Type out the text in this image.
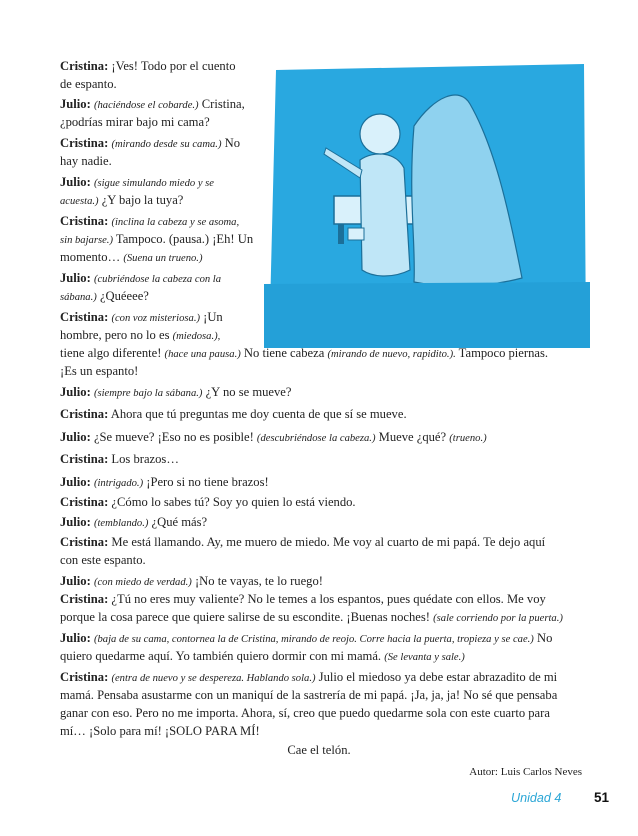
Cristina: ¡Ves! Todo por el cuento
de espanto.
Julio: (haciéndose el cobarde.) Cristina,
¿podrías mirar bajo mi cama?
Cristina: (mirando desde su cama.) No
hay nadie.
Julio: (sigue simulando miedo y se
acuesta.) ¿Y bajo la tuya?
Cristina: (inclina la cabeza y se asoma,
sin bajarse.) Tampoco. (pausa.) ¡Eh! Un
momento… (Suena un trueno.)
Julio: (cubriéndose la cabeza con la
sábana.) ¿Quéeee?
Cristina: (con voz misteriosa.) ¡Un
hombre, pero no lo es (miedosa.),
tiene algo diferente! (hace una pausa.) No tiene cabeza (mirando de nuevo, rapidito.). Tampoco piernas.
¡Es un espanto!
Julio: (siempre bajo la sábana.) ¿Y no se mueve?
Cristina: Ahora que tú preguntas me doy cuenta de que sí se mueve.
Julio: ¿Se mueve? ¡Eso no es posible! (descubriéndose la cabeza.) Mueve ¿qué? (trueno.)
Cristina: Los brazos…
Julio: (intrigado.) ¡Pero si no tiene brazos!
Cristina: ¿Cómo lo sabes tú? Soy yo quien lo está viendo.
Julio: (temblando.) ¿Qué más?
Cristina: Me está llamando. Ay, me muero de miedo. Me voy al cuarto de mi papá. Te dejo aquí
con este espanto.
Julio: (con miedo de verdad.) ¡No te vayas, te lo ruego!
Cristina: ¿Tú no eres muy valiente? No le temes a los espantos, pues quédate con ellos. Me voy
porque la cosa parece que quiere salirse de su escondite. ¡Buenas noches! (sale corriendo por la puerta.)
Julio: (baja de su cama, contornea la de Cristina, mirando de reojo. Corre hacia la puerta, tropieza y se cae.) No
quiero quedarme aquí. Yo también quiero dormir con mi mamá. (Se levanta y sale.)
Cristina: (entra de nuevo y se despereza. Hablando sola.) Julio el miedoso ya debe estar abrazadito de mi
mamá. Pensaba asustarme con un maniquí de la sastrería de mi papá. ¡Ja, ja, ja! No sé que pensaba
ganar con eso. Pero no me importa. Ahora, sí, creo que puedo quedarme sola con este cuarto para
mí… ¡Solo para mí! ¡SOLO PARA MÍ!
Cae el telón.
Autor: Luis Carlos Neves
Unidad 4 51
